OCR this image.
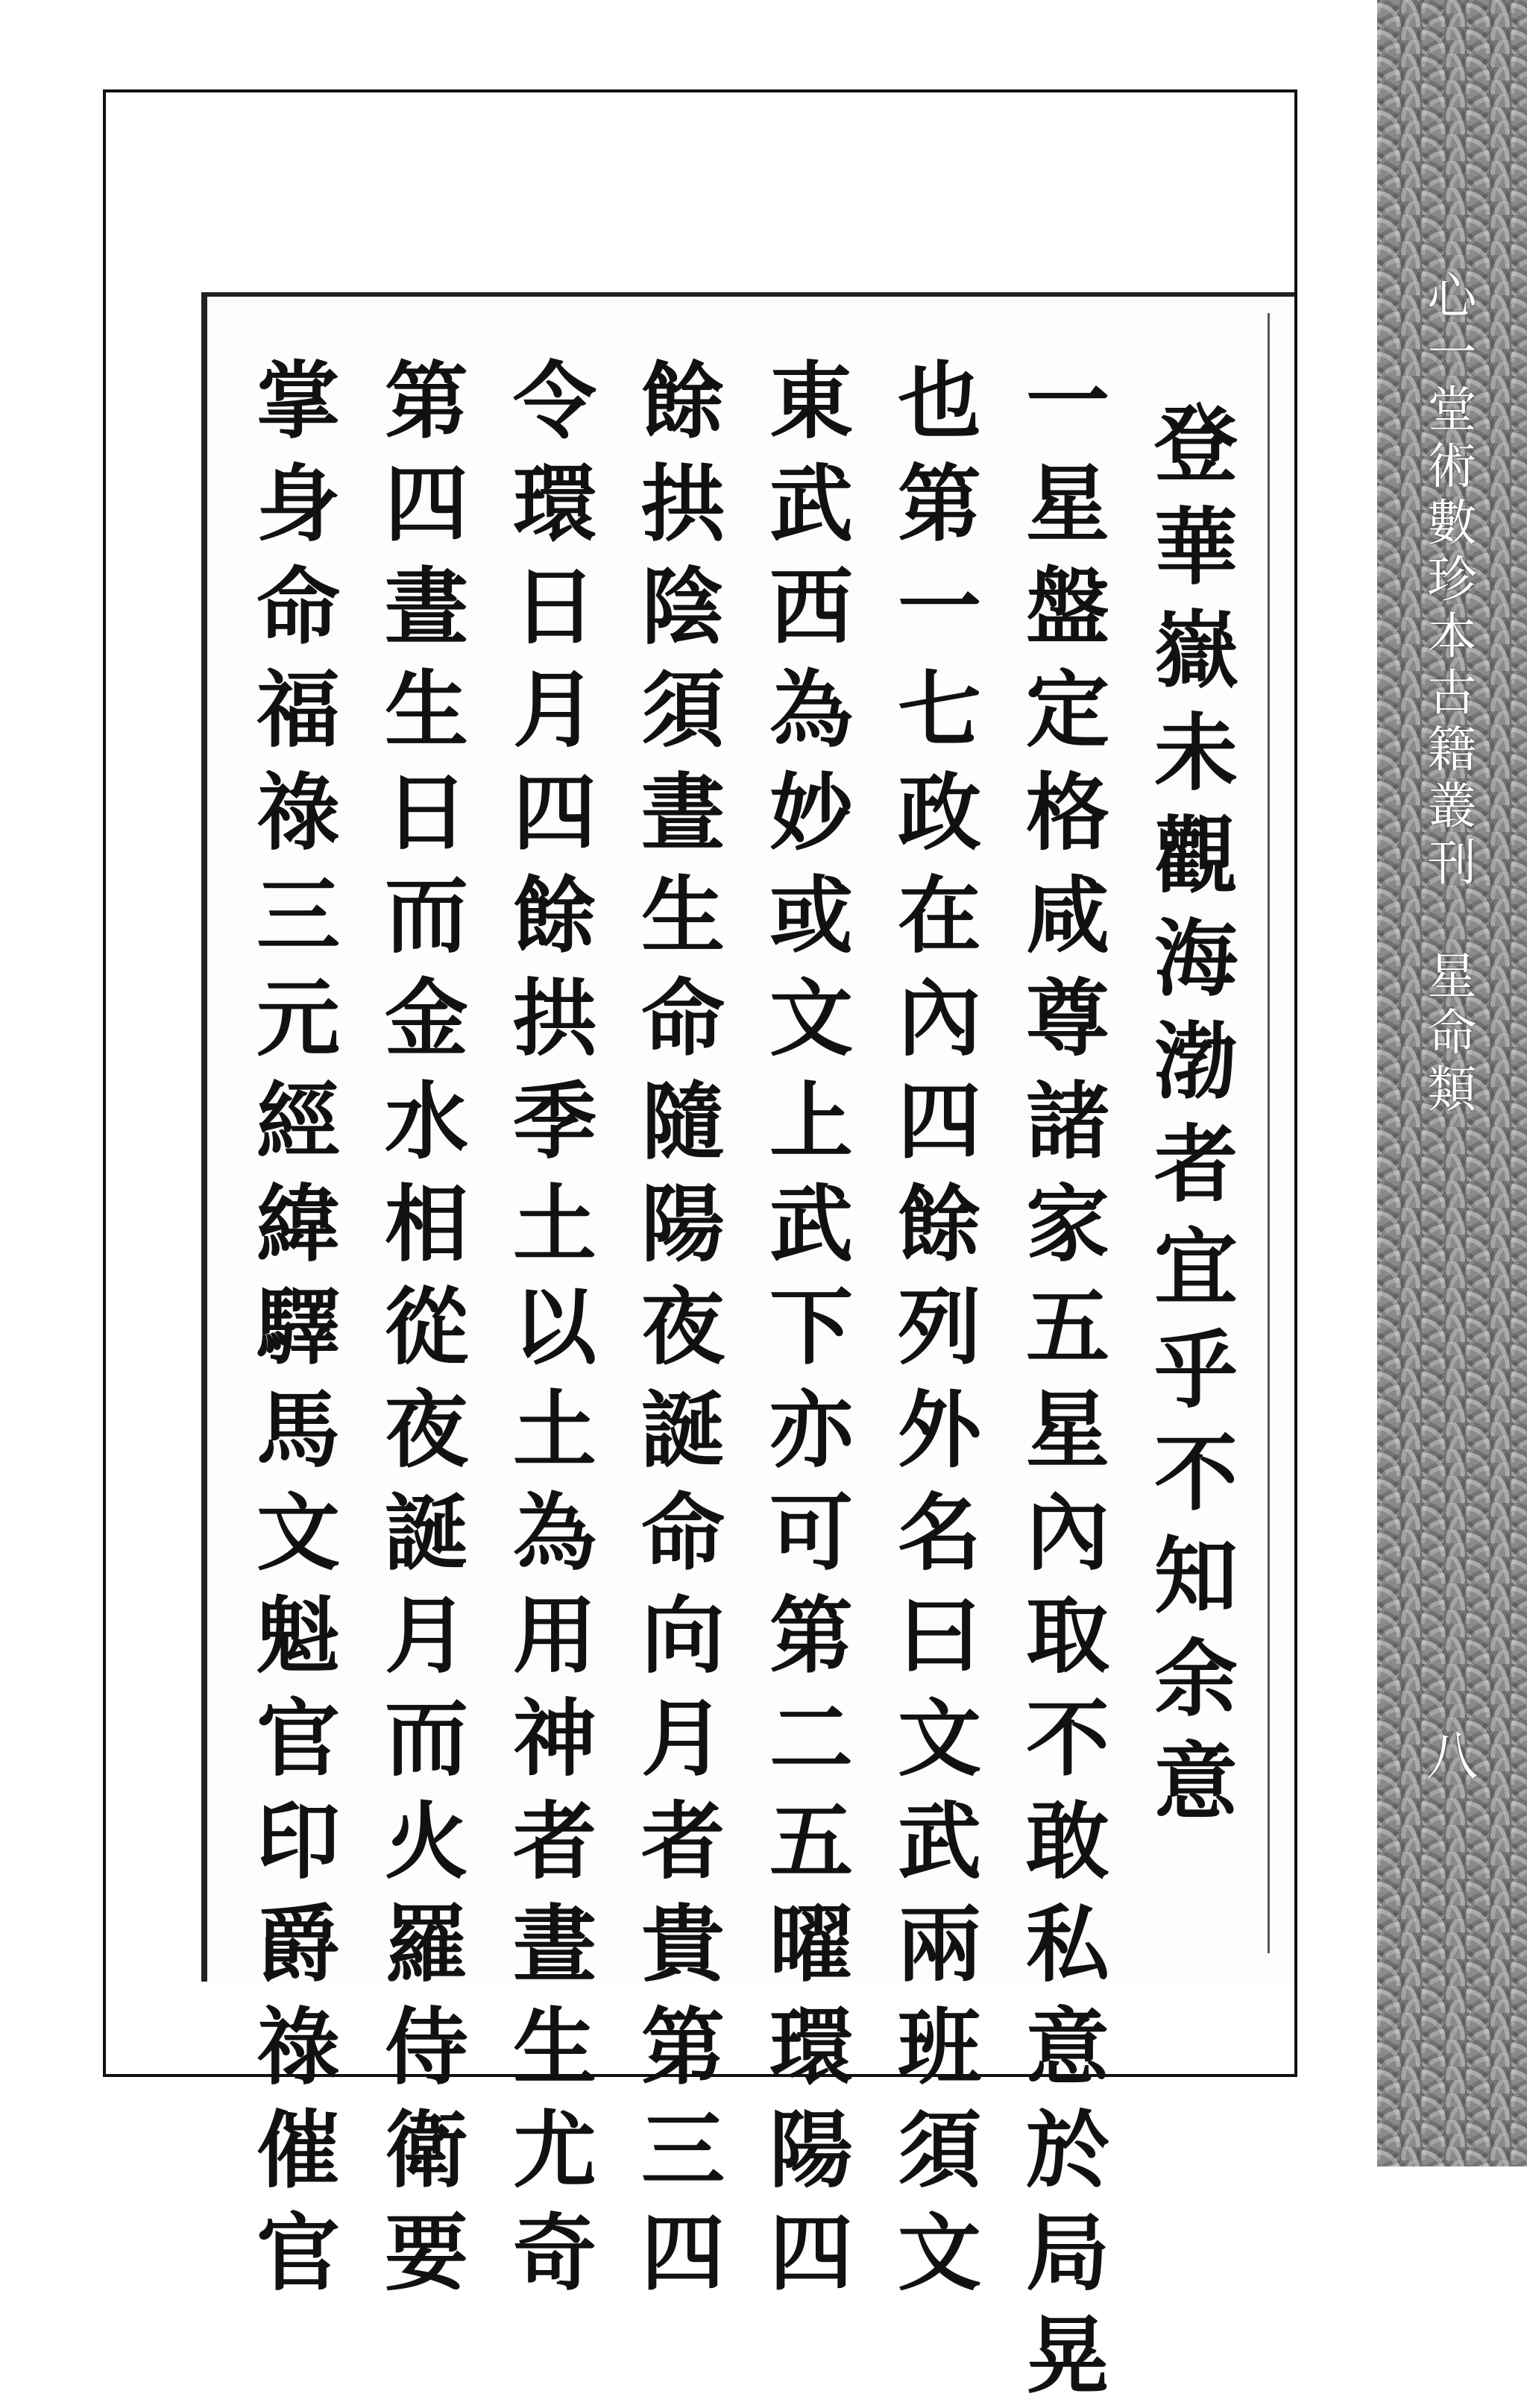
心
一
堂
術
數
珍
本
古
籍
叢
刊

星
命
類
八
登
華
嶽
未
觀
海
渤
者
宜
乎
不
知
余
意
一
星
盤
定
格
咸
尊
諸
家
五
星
內
取
不
敢
私
意
於
局
晃
也
第
一
七
政
在
內
四
餘
列
外
名
曰
文
武
兩
班
須
文
東
武
西
為
妙
或
文
上
武
下
亦
可
第
二
五
曜
環
陽
四
餘
拱
陰
須
晝
生
命
隨
陽
夜
誕
命
向
月
者
貴
第
三
四
令
環
日
月
四
餘
拱
季
土
以
土
為
用
神
者
晝
生
尤
奇
第
四
晝
生
日
而
金
水
相
從
夜
誕
月
而
火
羅
侍
衛
要
掌
身
命
福
祿
三
元
經
緯
驛
馬
文
魁
官
印
爵
祿
催
官
